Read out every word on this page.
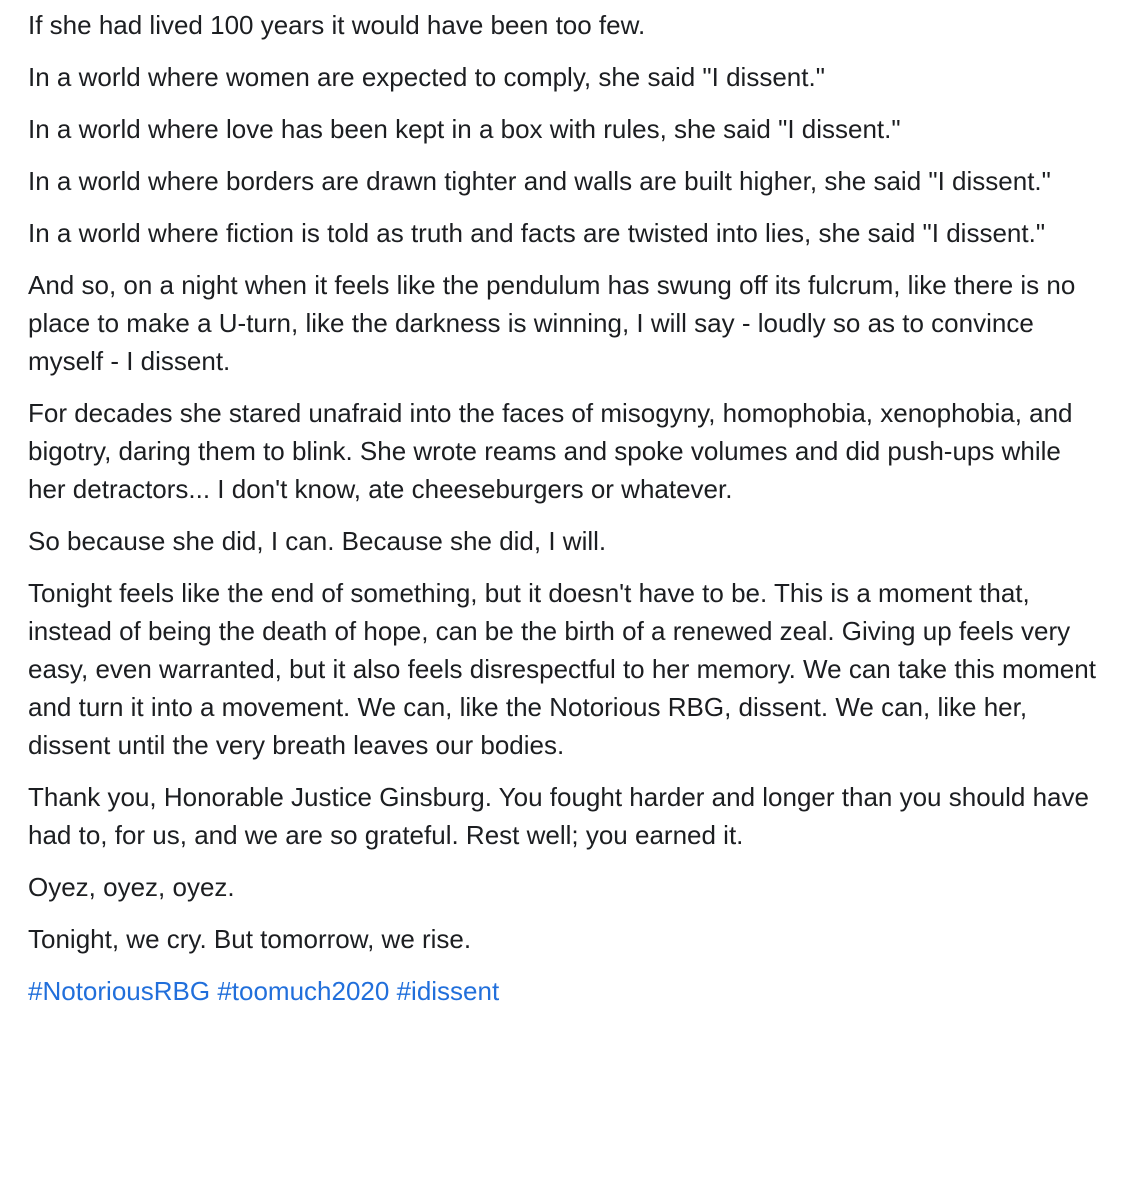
If she had lived 100 years it would have been too few.

In a world where women are expected to comply, she said "I dissent."

In a world where love has been kept in a box with rules, she said "I dissent."

In a world where borders are drawn tighter and walls are built higher, she said "I dissent."

In a world where fiction is told as truth and facts are twisted into lies, she said "I dissent."

And so, on a night when it feels like the pendulum has swung off its fulcrum, like there is no place to make a U-turn, like the darkness is winning, I will say - loudly so as to convince myself - I dissent.

For decades she stared unafraid into the faces of misogyny, homophobia, xenophobia, and bigotry, daring them to blink. She wrote reams and spoke volumes and did push-ups while her detractors... I don't know, ate cheeseburgers or whatever.

So because she did, I can. Because she did, I will.

Tonight feels like the end of something, but it doesn't have to be. This is a moment that, instead of being the death of hope, can be the birth of a renewed zeal. Giving up feels very easy, even warranted, but it also feels disrespectful to her memory. We can take this moment and turn it into a movement. We can, like the Notorious RBG, dissent. We can, like her, dissent until the very breath leaves our bodies.

Thank you, Honorable Justice Ginsburg. You fought harder and longer than you should have had to, for us, and we are so grateful. Rest well; you earned it.

Oyez, oyez, oyez.

Tonight, we cry. But tomorrow, we rise.

#NotoriousRBG #toomuch2020 #idissent
